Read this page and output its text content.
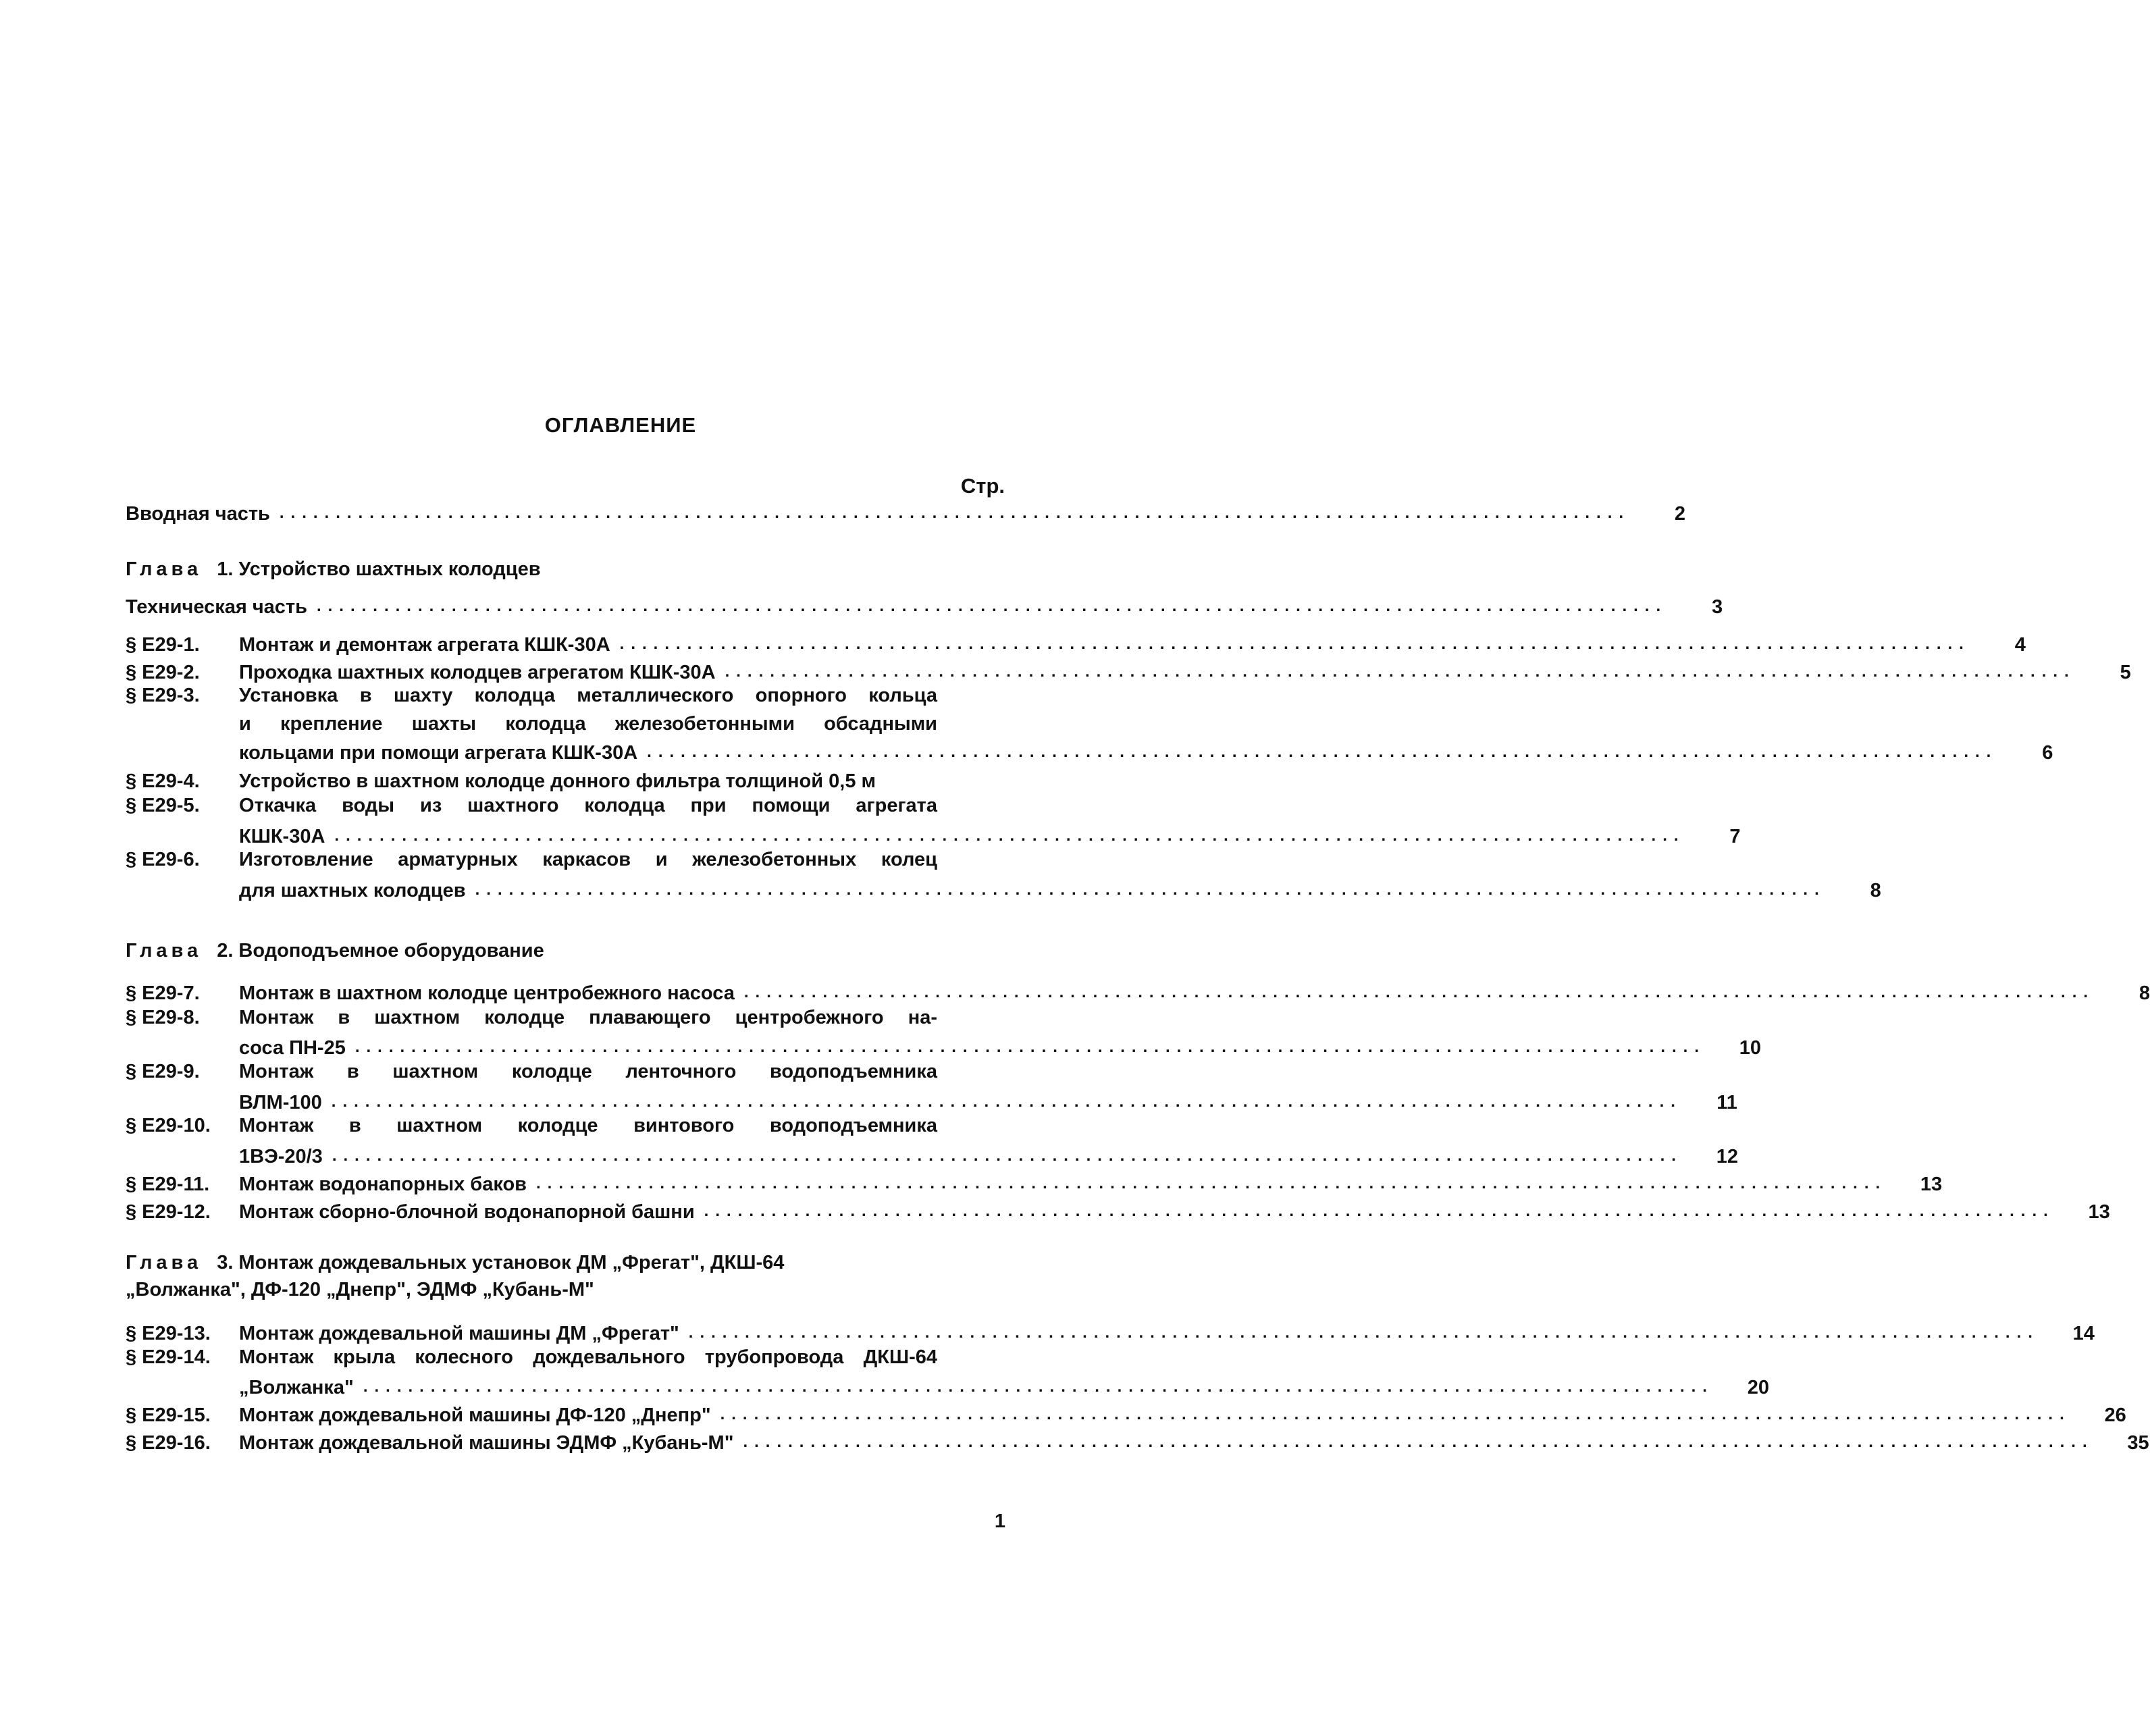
ОГЛАВЛЕНИЕ
Стр.
Вводная часть ........................................................................................................................	2
Глава 1. Устройство шахтных колодцев
Техническая часть ........................................................................................................................	3
§ Е29-1.	Монтаж и демонтаж агрегата КШК-30А ........................................................................................................................	4
§ Е29-2.	Проходка шахтных колодцев агрегатом КШК-30А ........................................................................................................................	5
§ Е29-3. Установка в шахту колодца металлического опорного кольца
и крепление шахты колодца железобетонными обсадными
кольцами при помощи агрегата КШК-30А ........................................................................................................................	6
§ Е29-4.	Устройство в шахтном колодце донного фильтра толщиной 0,5 м
§ Е29-5. Откачка воды из шахтного колодца при помощи агрегата
КШК-30А ........................................................................................................................	7
§ Е29-6. Изготовление арматурных каркасов и железобетонных колец
для шахтных колодцев ........................................................................................................................	8
Глава 2. Водоподъемное оборудование
§ Е29-7.	Монтаж в шахтном колодце центробежного насоса ........................................................................................................................	8
§ Е29-8. Монтаж в шахтном колодце плавающего центробежного на-
соса ПН-25 ........................................................................................................................	10
§ Е29-9. Монтаж в шахтном колодце ленточного водоподъемника
ВЛМ-100 ........................................................................................................................	11
§ Е29-10. Монтаж в шахтном колодце винтового водоподъемника
1ВЭ-20/3 ........................................................................................................................	12
§ Е29-11.	Монтаж водонапорных баков ........................................................................................................................	13
§ Е29-12.	Монтаж сборно-блочной водонапорной башни ........................................................................................................................	13
Глава 3. Монтаж дождевальных установок ДМ „Фрегат", ДКШ-64
„Волжанка", ДФ-120 „Днепр", ЭДМФ „Кубань-М"
§ Е29-13.	Монтаж дождевальной машины ДМ „Фрегат" ........................................................................................................................	14
§ Е29-14. Монтаж крыла колесного дождевального трубопровода ДКШ-64
„Волжанка" ........................................................................................................................	20
§ Е29-15.	Монтаж дождевальной машины ДФ-120 „Днепр" ........................................................................................................................	26
§ Е29-16.	Монтаж дождевальной машины ЭДМФ „Кубань-М" ........................................................................................................................	35
1
